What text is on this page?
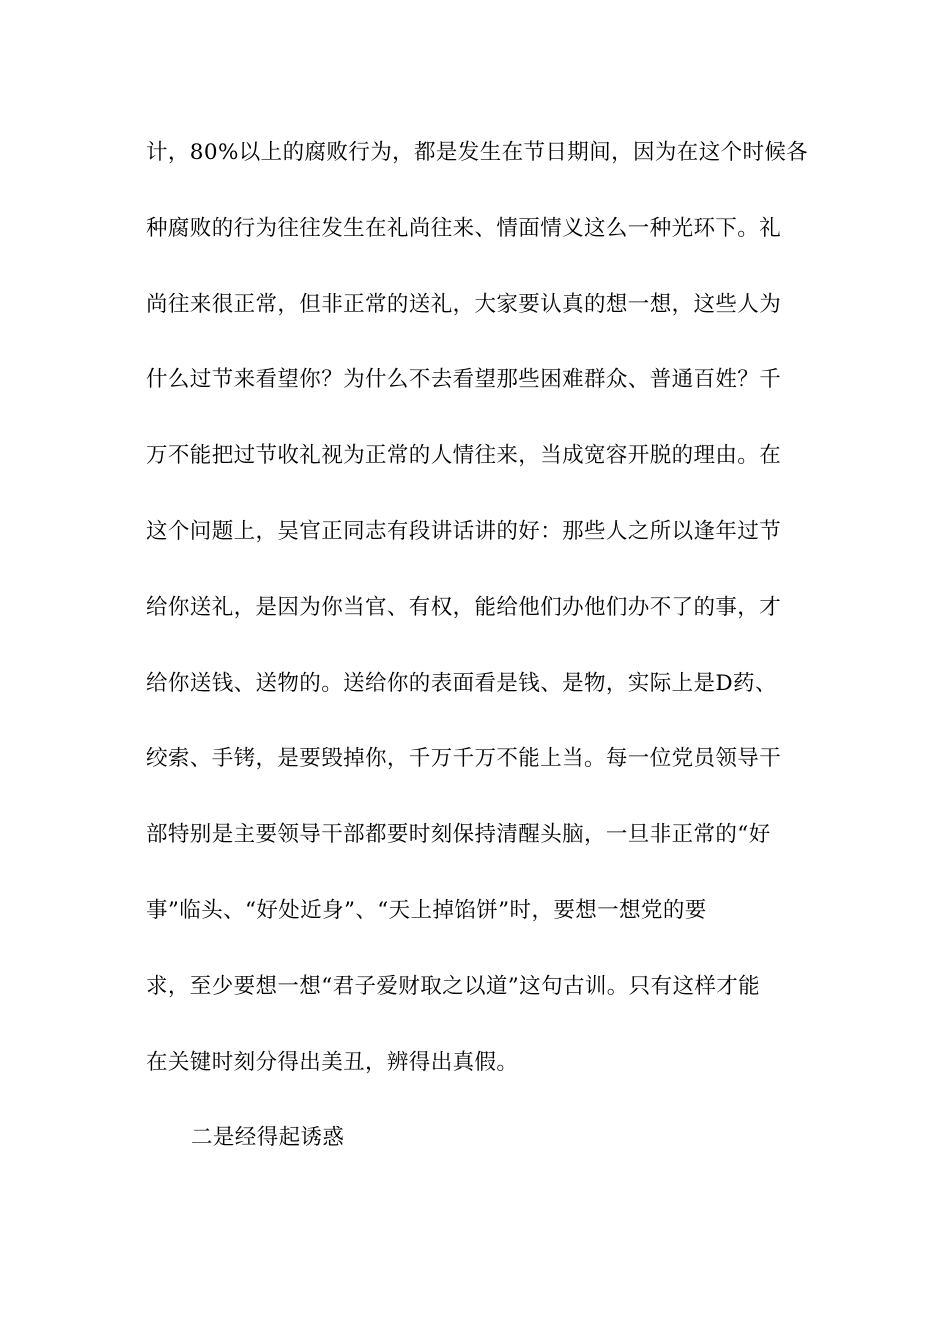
计，80%以上的腐败行为，都是发生在节日期间，因为在这个时候各
种腐败的行为往往发生在礼尚往来、情面情义这么一种光环下。礼
尚往来很正常，但非正常的送礼，大家要认真的想一想，这些人为
什么过节来看望你？为什么不去看望那些困难群众、普通百姓？千
万不能把过节收礼视为正常的人情往来，当成宽容开脱的理由。在
这个问题上，吴官正同志有段讲话讲的好：那些人之所以逢年过节
给你送礼，是因为你当官、有权，能给他们办他们办不了的事，才
给你送钱、送物的。送给你的表面看是钱、是物，实际上是D药、
绞索、手铐，是要毁掉你，千万千万不能上当。每一位党员领导干
部特别是主要领导干部都要时刻保持清醒头脑，一旦非正常的“好
事”临头、“好处近身”、“天上掉馅饼”时，要想一想党的要
求，至少要想一想“君子爱财取之以道”这句古训。只有这样才能
在关键时刻分得出美丑，辨得出真假。
二是经得起诱惑
